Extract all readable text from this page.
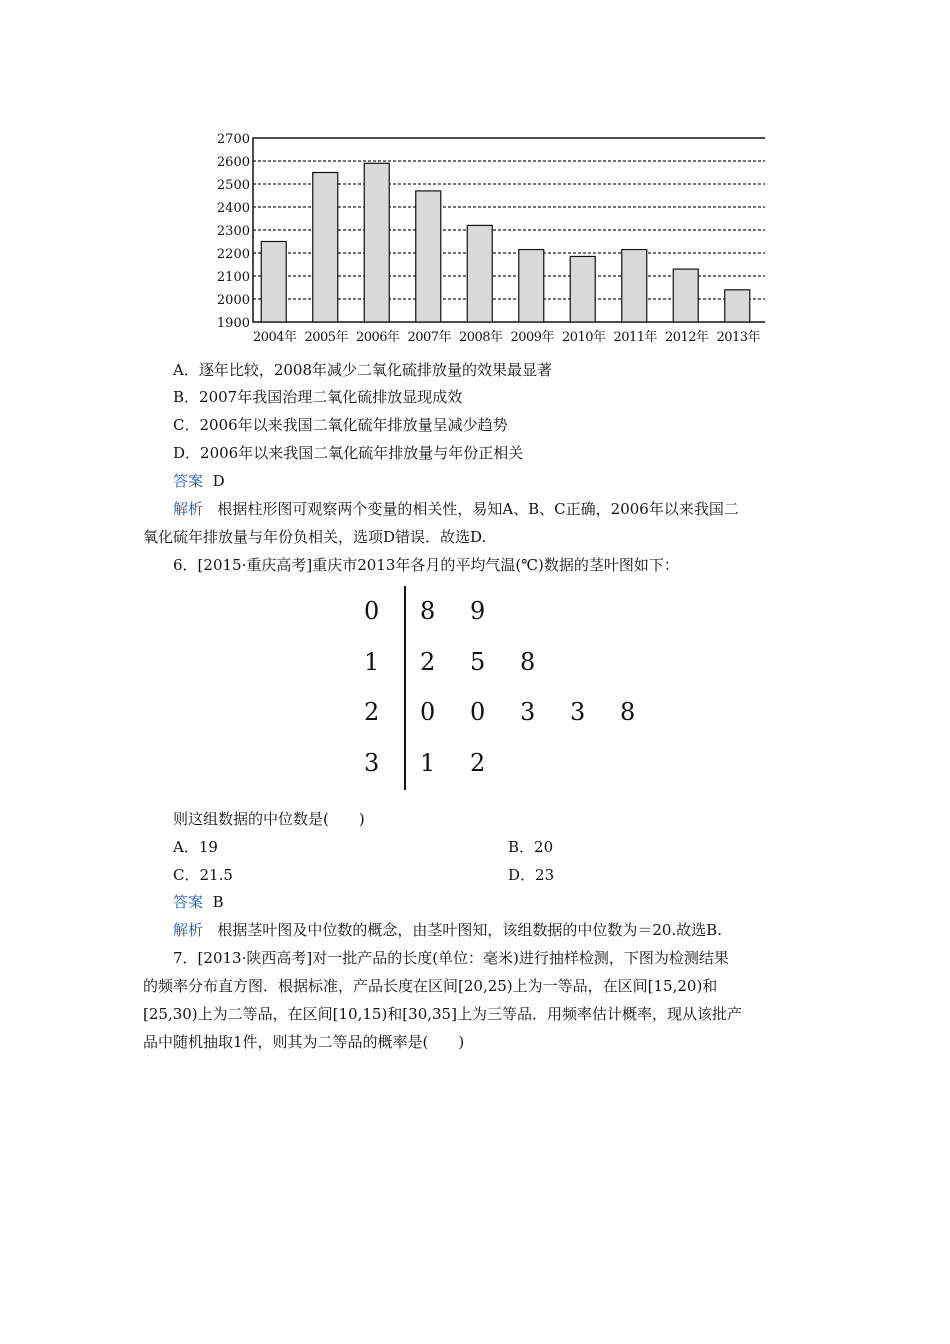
1900
2000
2100
2200
2300
2400
2500
2600
2700
2004年 2005年 2006年 2007年 2008年 2009年 2010年 2011年 2012年 2013年
A．逐年比较，2008年减少二氧化硫排放量的效果最显著
B．2007年我国治理二氧化硫排放显现成效
C．2006年以来我国二氧化硫年排放量呈减少趋势
D．2006年以来我国二氧化硫年排放量与年份正相关
答案 D
解析 根据柱形图可观察两个变量的相关性，易知A、B、C正确，2006年以来我国二
氧化硫年排放量与年份负相关，选项D错误．故选D.
6．[2015·重庆高考]重庆市2013年各月的平均气温(℃)数据的茎叶图如下：
0 8 9
1 2 5 8
2 0 0 3 3 8
3 1 2
则这组数据的中位数是(　　)
A．19	B．20
C．21.5	D．23
答案 B
解析 根据茎叶图及中位数的概念，由茎叶图知，该组数据的中位数为＝20.故选B.
7．[2013·陕西高考]对一批产品的长度(单位：毫米)进行抽样检测，下图为检测结果
的频率分布直方图．根据标准，产品长度在区间[20,25)上为一等品，在区间[15,20)和
[25,30)上为二等品，在区间[10,15)和[30,35]上为三等品．用频率估计概率，现从该批产
品中随机抽取1件，则其为二等品的概率是(　　)
